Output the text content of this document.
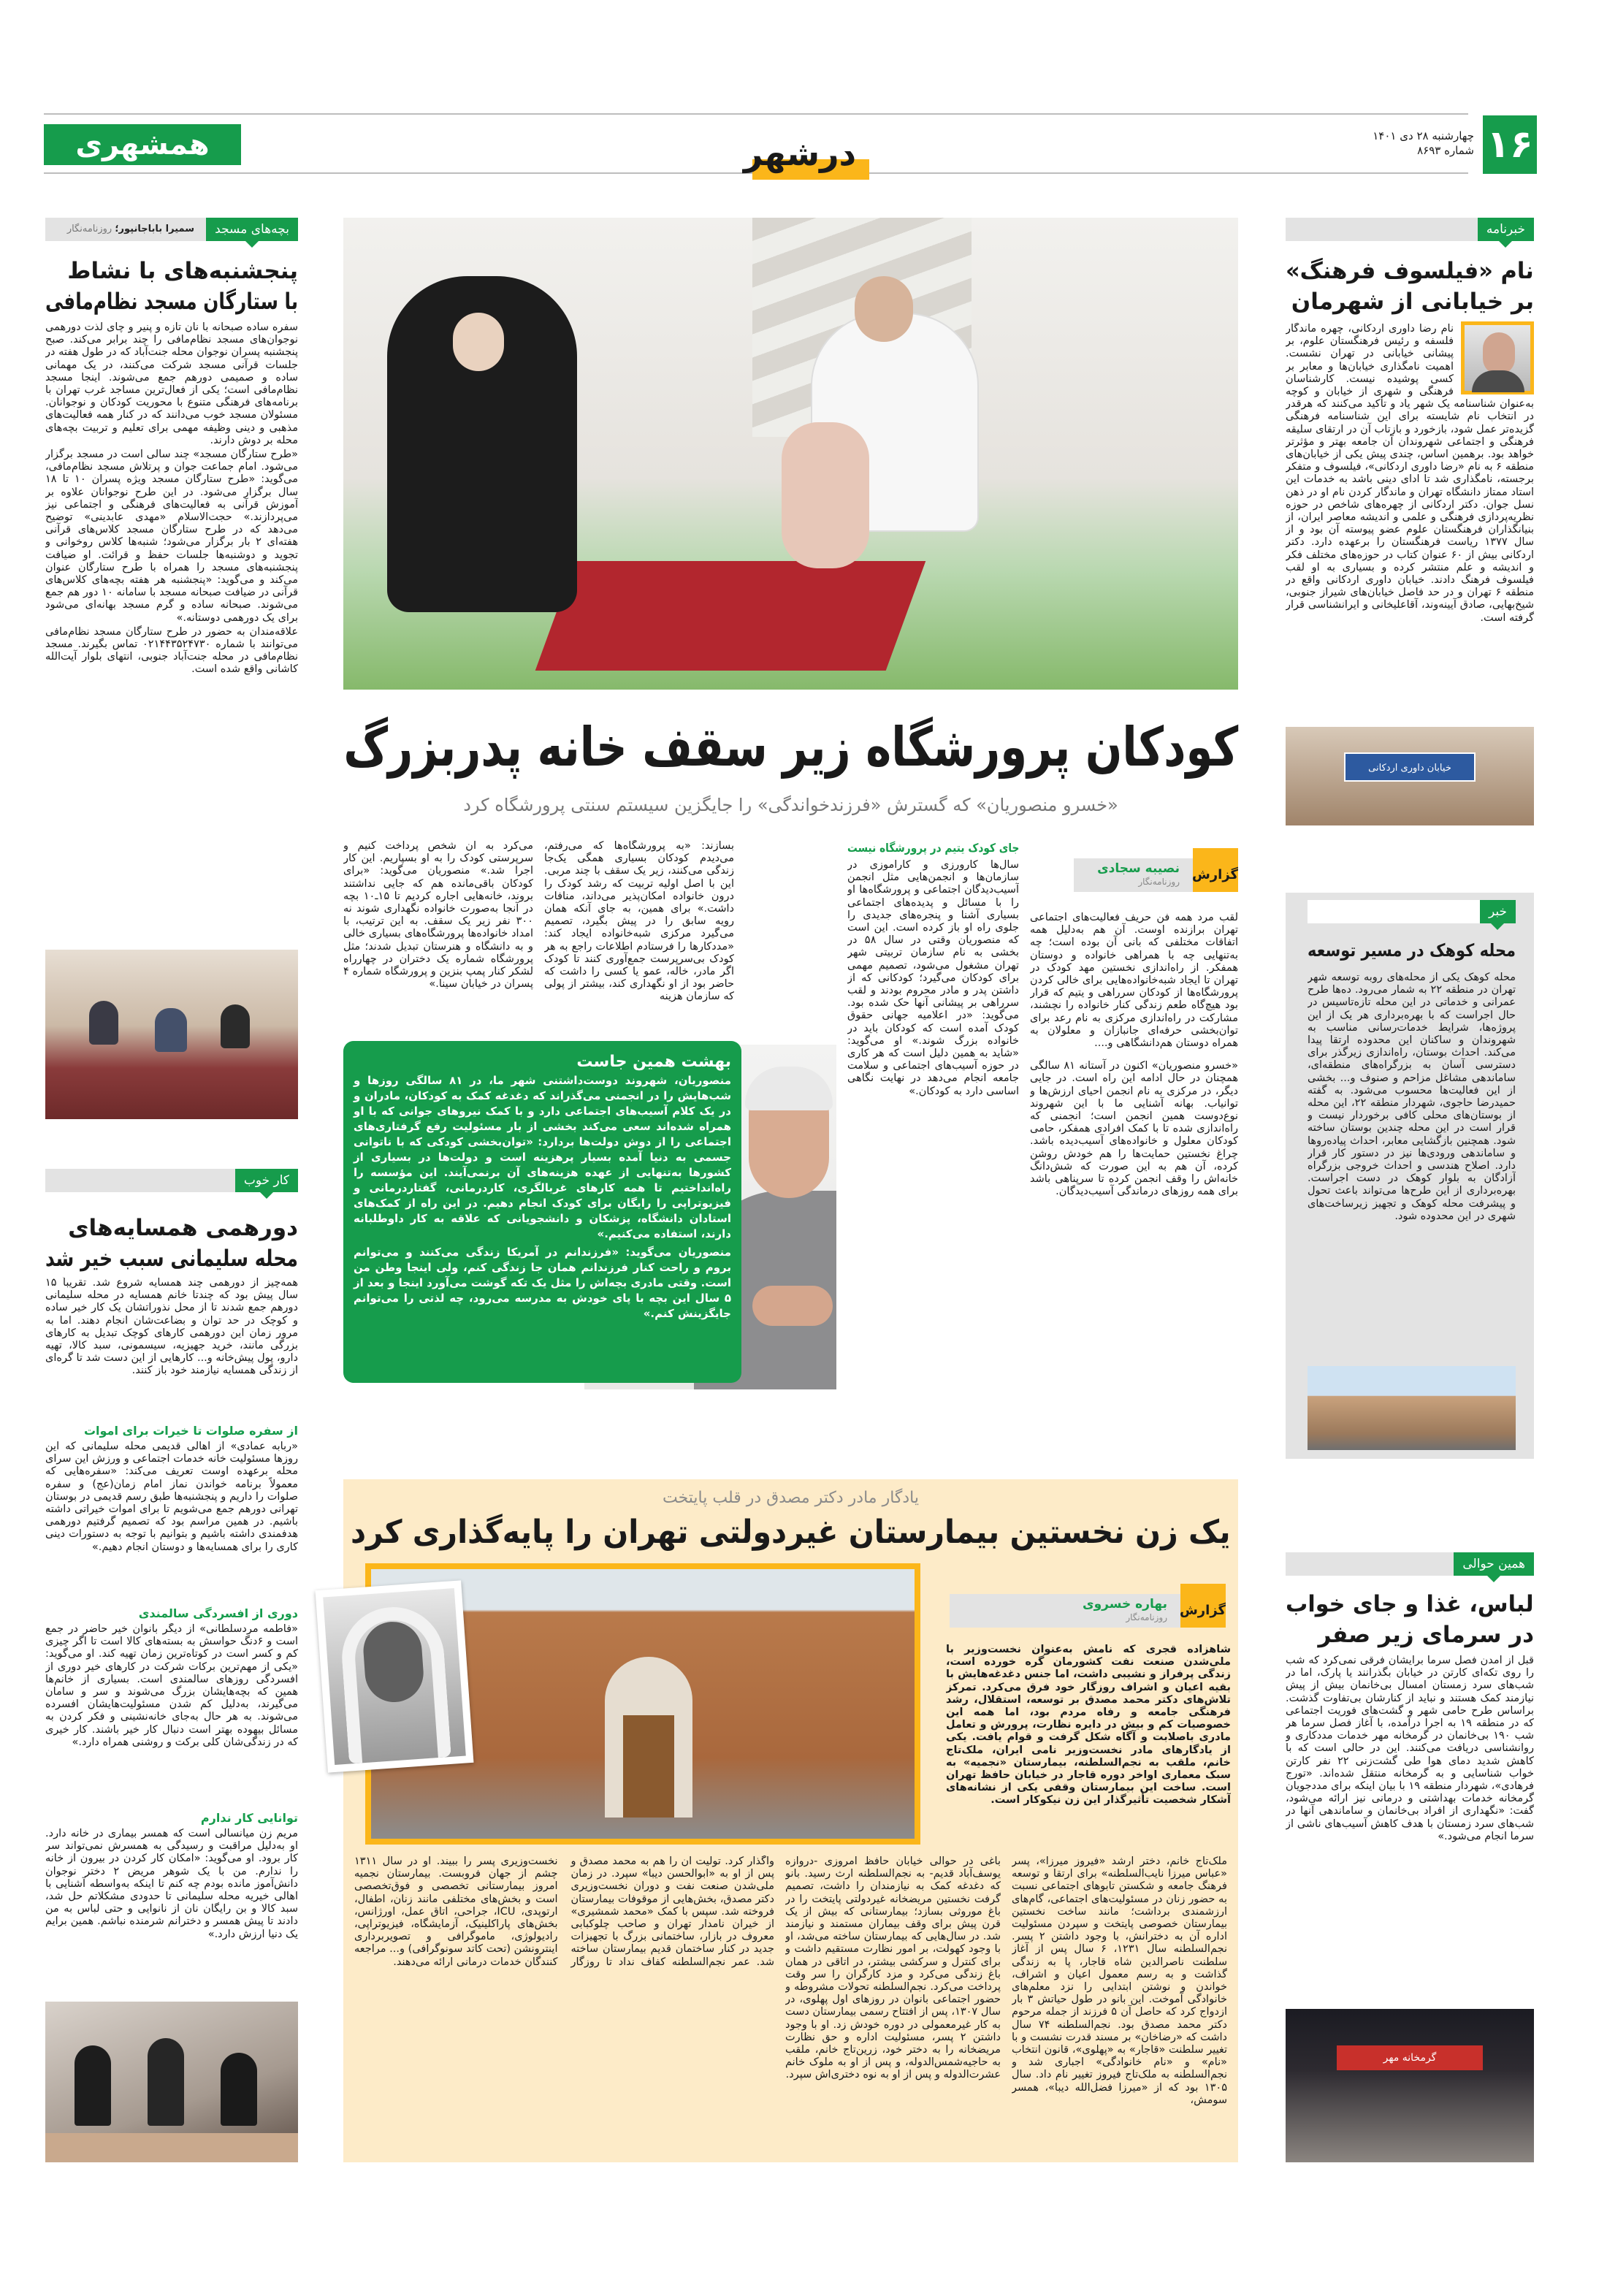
همشهری	۱۶
چهارشنبه ۲۸ دی ۱۴۰۱
شماره ۸۶۹۳
درشهر
بچه‌های مسجد
سمیرا باباجانپور؛ روزنامه‌نگار
پنجشنبه‌های با نشاط
با ستارگان مسجد نظام‌مافی

سفره ساده صبحانه با نان تازه و پنیر و چای لذت دورهمی نوجوان‌های مسجد نظام‌مافی را چند برابر می‌کند. صبح پنجشنبه پسران نوجوان محله جنت‌آباد که در طول هفته در جلسات قرآنی مسجد شرکت می‌کنند، در یک مهمانی ساده و صمیمی دورهم جمع می‌شوند. اینجا مسجد نظام‌مافی است؛ یکی از فعال‌ترین مساجد غرب تهران با برنامه‌های فرهنگی متنوع با محوریت کودکان و نوجوانان. مسئولان مسجد خوب می‌دانند که در کنار همه فعالیت‌های مذهبی و دینی وظیفه مهمی برای تعلیم و تربیت بچه‌های محله بر دوش دارند.

«طرح ستارگان مسجد» چند سالی است در مسجد برگزار می‌شود. امام جماعت جوان و پرتلاش مسجد نظام‌مافی، می‌گوید: «طرح ستارگان مسجد ویژه پسران ۱۰ تا ۱۸ سال برگزار می‌شود. در این طرح نوجوانان علاوه بر آموزش قرآنی به فعالیت‌های فرهنگی و اجتماعی نیز می‌پردازند.» حجت‌الاسلام «مهدی عابدینی» توضیح می‌دهد که در طرح ستارگان مسجد کلاس‌های قرآنی هفته‌ای ۲ بار برگزار می‌شود؛ شنبه‌ها کلاس روخوانی و تجوید و دوشنبه‌ها جلسات حفظ و قرائت. او ضیافت پنجشنبه‌های مسجد را همراه با طرح ستارگان عنوان می‌کند و می‌گوید: «پنجشنبه هر هفته بچه‌های کلاس‌های قرآنی در ضیافت صبحانه مسجد با سامانه ۱۰ دور هم جمع می‌شوند. صبحانه ساده و گرم مسجد بهانه‌ای می‌شود برای یک دورهمی دوستانه.»

علاقه‌مندان به حضور در طرح ستارگان مسجد نظام‌مافی می‌توانند با شماره ۰۲۱۴۴۳۵۲۴۷۳۰ تماس بگیرند. مسجد نظام‌مافی در محله جنت‌آباد جنوبی، انتهای بلوار آیت‌الله کاشانی واقع شده است.

کار خوب
دورهمی همسایه‌های
محله سلیمانی سبب خیر شد
همه‌چیز از دورهمی چند همسایه شروع شد. تقریباً ۱۵ سال پیش بود که چندتا خانم همسایه در محله سلیمانی دورهم جمع شدند تا از محل نذوراتشان یک کار خیر ساده و کوچک در حد توان و بضاعت‌شان انجام دهند. اما به مرور زمان این دورهمی کارهای کوچک تبدیل به کارهای بزرگی مانند، خرید جهیزیه، سیسمونی، سبد کالا، تهیه دارو، پول پیش‌خانه و... کارهایی از این دست شد تا گره‌ای از زندگی همسایه نیازمند خود باز کنند.
از سفره صلوات تا خیرات برای اموات
«ربابه عمادی» از اهالی قدیمی محله سلیمانی که این روزها مسئولیت خانه خدمات اجتماعی و ورزش این سرای محله برعهده اوست تعریف می‌کند: «سفره‌هایی که معمولاً برنامه خواندن نماز امام زمان(عج) و سفره صلوات را داریم و پنجشنبه‌ها طبق رسم قدیمی در بوستان تهرانی دورهم جمع می‌شویم تا برای اموات خیراتی داشته باشیم. در همین مراسم بود که تصمیم گرفتیم دورهمی هدفمندی داشته باشیم و بتوانیم با توجه به دستورات دینی کاری را برای همسایه‌ها و دوستان انجام دهیم.»
دوری از افسردگی سالمندی
«فاطمه مردسلطانی» از دیگر بانوان خیر حاضر در جمع است و ۶دنگ حواسش به بسته‌های کالا است تا اگر چیزی کم و کسر است در کوتاه‌ترین زمان تهیه کند. او می‌گوید: «یکی از مهم‌ترین برکات شرکت در کارهای خیر دوری از افسردگی روزهای سالمندی است. بسیاری از خانم‌ها همین که بچه‌هایشان بزرگ می‌شوند و سر و سامان می‌گیرند، به‌دلیل کم شدن مسئولیت‌هایشان افسرده می‌شوند. به هر حال به‌جای خانه‌نشینی و فکر کردن به مسائل بیهوده بهتر است دنبال کار خیر باشند. کار خیری که در زندگی‌شان کلی برکت و روشنی همراه دارد.»
توانایی کار ندارم
مریم زن میانسالی است که همسر بیماری در خانه دارد. او به‌دلیل مراقبت و رسیدگی به همسرش نمی‌تواند سر کار برود. او می‌گوید: «امکان کار کردن در بیرون از خانه را ندارم. من با یک شوهر مریض ۲ دختر نوجوان دانش‌آموز مانده بودم چه کنم تا اینکه به‌واسطه آشنایی با اهالی خیریه محله سلیمانی تا حدودی مشکلاتم حل شد، سبد کالا و بن رایگان نان از نانوایی و حتی لباس به من دادند تا پیش همسر و دخترانم شرمنده نباشم. همین برایم یک دنیا ارزش دارد.»
کودکان پرورشگاه زیر سقف خانه پدربزرگ
«خسرو منصوریان» که گسترش «فرزندخواندگی» را جایگزین سیستم سنتی پرورشگاه کرد
گزارش
نصیبه سجادی
روزنامه‌نگار

لقب مرد همه فن حریف فعالیت‌های اجتماعی تهران برازنده اوست. آن هم به‌دلیل همه اتفاقات مختلفی که بانی آن بوده است؛ چه به‌تنهایی چه با همراهی خانواده و دوستان همفکر. از راه‌اندازی نخستین مهد کودک در تهران تا ایجاد شبه‌خانواده‌هایی برای خالی کردن پرورشگاه‌ها از کودکان سرراهی و یتیم که قرار بود هیچ‌گاه طعم زندگی کنار خانواده را نچشند، مشارکت در راه‌اندازی مرکزی به نام رعد برای توان‌بخشی حرفه‌ای جانبازان و معلولان به همراه دوستان هم‌دانشگاهی و....

«خسرو منصوریان» اکنون در آستانه ۸۱ سالگی همچنان در حال ادامه این راه است. در جایی دیگر، در مرکزی به نام انجمن احیای ارزش‌ها و توانیاب. بهانه آشنایی ما با این شهروند نوع‌دوست همین انجمن است؛ انجمنی که راه‌اندازی شده تا با کمک افرادی همفکر، حامی کودکان معلول و خانواده‌های آسیب‌دیده باشد. چراغ نخستین حمایت‌ها را هم خودش روشن کرده، آن هم به این صورت که شش‌دانگ خانه‌اش را وقف انجمن کرده تا سرپناهی باشد برای همه روزهای درماندگی آسیب‌دیدگان.

جای کودک یتیم در پرورشگاه نیست
سال‌ها کارورزی و کارآموزی در سازمان‌ها و انجمن‌هایی مثل انجمن آسیب‌دیدگان اجتماعی و پرورشگاه‌ها او را با مسائل و پدیده‌های اجتماعی بسیاری آشنا و پنجره‌های جدیدی را جلوی راه او باز کرده است. این است که منصوریان وقتی در سال ۵۸ در بخشی به نام سازمان تربیتی شهر تهران مشغول می‌شود، تصمیم مهمی برای کودکان می‌گیرد؛ کودکانی که از داشتن پدر و مادر محروم بودند و لقب سرراهی بر پیشانی آنها حک شده بود. می‌گوید: «در اعلامیه جهانی حقوق کودک آمده است که کودکان باید در خانواده بزرگ شوند.» او می‌گوید: «شاید به همین دلیل است که هر کاری در حوزه آسیب‌های اجتماعی و سلامت جامعه انجام می‌دهد در نهایت نگاهی اساسی دارد به کودکان.»
بسازند: «به پرورشگاه‌ها که می‌رفتم، می‌دیدم کودکان بسیاری همگی یک‌جا زندگی می‌کنند، زیر یک سقف با چند مربی. این با اصل اولیه تربیت که رشد کودک را درون خانواده امکان‌پذیر می‌داند، منافات داشت.» برای همین، به جای آنکه همان رویه سابق را در پیش بگیرد، تصمیم می‌گیرد مرکزی شبه‌خانواده ایجاد کند: «مددکارها را فرستادم اطلاعات راجع به هر کودک بی‌سرپرست جمع‌آوری کنند تا کودک اگر مادر، خاله، عمو یا کسی را داشت که حاضر بود از او نگهداری کند، بیشتر از پولی که سازمان هزینه
می‌کرد به آن شخص پرداخت کنیم و سرپرستی کودک را به او بسپاریم. این کار اجرا شد.» منصوریان می‌گوید: «برای کودکان باقی‌مانده هم که جایی نداشتند بروند، خانه‌هایی اجاره کردیم تا ۱۵ـ۱۰ بچه در آنجا به‌صورت خانواده نگهداری شوند نه ۳۰۰ نفر زیر یک سقف. به این ترتیب، با امداد خانواده‌ها پرورشگاه‌های بسیاری خالی و به دانشگاه و هنرستان تبدیل شدند؛ مثل پرورشگاه شماره یک دختران در چهارراه لشکر کنار پمپ بنزین و پرورشگاه شماره ۴ پسران در خیابان سینا.»
بهشت همین جاست

منصوریان، شهروند دوست‌داشتنی شهر ما، در ۸۱ سالگی روزها و شب‌هایش را در انجمنی می‌گذراند که دغدغه کمک به کودکان، مادران و در یک کلام آسیب‌های اجتماعی دارد و با کمک نیروهای جوانی که با او همراه شده‌اند سعی می‌کند بخشی از بار مسئولیت رفع گرفتاری‌های اجتماعی را از دوش دولت‌ها بردارد: «توان‌بخشی کودکی که با ناتوانی جسمی به دنیا آمده بسیار پرهزینه است و دولت‌ها در بسیاری از کشورها به‌تنهایی از عهده هزینه‌های آن برنمی‌آیند. این مؤسسه را راه‌انداختیم تا همه کارهای غربالگری، کاردرمانی، گفتاردرمانی و فیزیوتراپی را رایگان برای کودک انجام دهیم. در این راه از کمک‌های استادان دانشگاه، پزشکان و دانشجویانی که علاقه به کار داوطلبانه دارند، استفاده می‌کنیم.»

منصوریان می‌گوید: «فرزندانم در آمریکا زندگی می‌کنند و می‌توانم بروم و راحت کنار فرزندانم همان جا زندگی کنم، ولی اینجا وطن من است. وقتی مادری بچه‌اش را مثل یک تکه گوشت می‌آورد اینجا و بعد از ۵ سال این بچه با پای خودش به مدرسه می‌رود، چه لذتی را می‌توانم جایگزینش کنم.»

یادگار مادر دکتر مصدق در قلب پایتخت
یک زن نخستین بیمارستان غیردولتی تهران را پایه‌گذاری کرد
گزارش
بهاره خسروی
روزنامه‌نگار
شاهزاده قجری که نامش به‌عنوان نخست‌وزیر با ملی‌شدن صنعت نفت کشورمان گره خورده است، زندگی پرفراز و نشیبی داشت، اما جنس دغدغه‌هایش با بقیه اعیان و اشراف روزگار خود فرق می‌کرد. تمرکز تلاش‌های دکتر محمد مصدق بر توسعه، استقلال، رشد فرهنگی جامعه و رفاه مردم بود، اما همه این خصوصیات کم و بیش در دایره نظارت، پرورش و تعامل مادری باصلابت و آگاه شکل گرفت و قوام یافت. یکی از یادگارهای مادر نخست‌وزیر نامی ایران، ملک‌تاج خانم، ملقب به نجم‌السلطنه، بیمارستان «نجمیه» به سبک معماری اواخر دوره قاجار در خیابان حافظ تهران است. ساخت این بیمارستان وقفی یکی از نشانه‌های آشکار شخصیت تأثیرگذار این زن نیکوکار است.
ملک‌تاج خانم، دختر ارشد «فیروز میرزا»، پسر «عباس میرزا نایب‌السلطنه» برای ارتقا و توسعه فرهنگ جامعه و شکستن تابوهای اجتماعی نسبت به حضور زنان در مسئولیت‌های اجتماعی، گام‌های ارزشمندی برداشت؛ مانند ساخت نخستین بیمارستان خصوصی پایتخت و سپردن مسئولیت اداره آن به دخترانش، با وجود داشتن ۲ پسر. نجم‌السلطنه سال ۱۲۳۱، ۶ سال پس از آغاز سلطنت ناصرالدین شاه قاجار، پا به زندگی گذاشت و به رسم معمول اعیان و اشراف، خواندن و نوشتن ابتدایی را نزد معلم‌های خانوادگی آموخت. این بانو در طول حیاتش ۳ بار ازدواج کرد که حاصل آن ۵ فرزند از جمله مرحوم دکتر محمد مصدق بود. نجم‌السلطنه ۷۴ سال داشت که «رضاخان» بر مسند قدرت نشست و با تغییر سلطنت «قاجار» به «پهلوی»، قانون انتخاب «نام» و «نام خانوادگی» اجباری شد و نجم‌السلطنه به ملک‌تاج فیروز تغییر نام داد. سال ۱۳۰۵ بود که از «میرزا فضل‌الله دیبا»، همسر سومش،
باغی در حوالی خیابان حافظ امروزی -دروازه یوسف‌آباد قدیم- به نجم‌السلطنه ارث رسید. بانو که دغدغه کمک به نیازمندان را داشت، تصمیم گرفت نخستین مریضخانه غیردولتی پایتخت را در باغ موروثی بسازد؛ بیمارستانی که بیش از یک قرن پیش برای وقف بیماران مستمند و نیازمند شد. در سال‌هایی که بیمارستان ساخته می‌شد، او با وجود کهولت، بر امور نظارت مستقیم داشت و برای کنترل و سرکشی بیشتر، در اتاقی در همان باغ زندگی می‌کرد و مزد کارگران را سر وقت پرداخت می‌کرد. نجم‌السلطنه تحولات مشروطه و حضور اجتماعی بانوان در روزهای اول پهلوی، در سال ۱۳۰۷، پس از افتتاح رسمی بیمارستان دست به کار غیرمعمولی در دوره خودش زد. او با وجود داشتن ۲ پسر، مسئولیت اداره و حق نظارت مریضخانه را به دختر خود، زرین‌تاج خانم، ملقب به حاجیه‌شمس‌الدوله، و پس از او به ملوک خانم عشرت‌الدوله و پس از او به نوه دختری‌اش سپرد.
واگذار کرد. تولیت آن را هم به محمد مصدق و پس از او به «ابوالحسن دیبا» سپرد. در زمان ملی‌شدن صنعت نفت و دوران نخست‌وزیری دکتر مصدق، بخش‌هایی از موقوفات بیمارستان فروخته شد. سپس با کمک «محمد شمشیری» از خیران نامدار تهران و صاحب چلوکبابی معروف در بازار، ساختمانی بزرگ با تجهیزات جدید در کنار ساختمان قدیم بیمارستان ساخته شد. عمر نجم‌السلطنه کفاف نداد تا روزگار نخست‌وزیری پسر را ببیند. او در سال ۱۳۱۱ چشم از جهان فروبست. بیمارستان نجمیه امروز بیمارستانی تخصصی و فوق‌تخصصی است و بخش‌های مختلفی مانند زنان، اطفال، ارتوپدی، ICU، جراحی، اتاق عمل، اورژانس، بخش‌های پاراکلینیک، آزمایشگاه، فیزیوتراپی، رادیولوژی، ماموگرافی و تصویربرداری اینترونشن (تحت کاتد سونوگرافی) و... مراجعه کنندگان خدمات درمانی ارائه می‌دهند.
خبرنامه
نام «فیلسوف فرهنگ»
بر خیابانی از شهرمان
نام رضا داوری اردکانی، چهره ماندگار فلسفه و رئیس فرهنگستان علوم، بر پیشانی خیابانی در تهران نشست. اهمیت نامگذاری خیابان‌ها و معابر بر کسی پوشیده نیست. کارشناسان فرهنگی و شهری از خیابان و کوچه به‌عنوان شناسنامه یک شهر یاد و تأکید می‌کنند که هرقدر در انتخاب نام شایسته برای این شناسنامه فرهنگی گزیده‌تر عمل شود، بازخورد و بازتاب آن در ارتقای سلیقه فرهنگی و اجتماعی شهروندان آن جامعه بهتر و مؤثرتر خواهد بود. برهمین اساس، چندی پیش یکی از خیابان‌های منطقه ۶ به نام «رضا داوری اردکانی»، فیلسوف و متفکر برجسته، نامگذاری شد تا ادای دینی باشد به خدمات این استاد ممتاز دانشگاه تهران و ماندگار کردن نام او در ذهن نسل جوان. دکتر اردکانی از چهره‌های شاخص در حوزه نظریه‌پردازی فرهنگی و علمی و اندیشه معاصر ایران، از بنیانگذاران فرهنگستان علوم عضو پیوسته آن بود و از سال ۱۳۷۷ ریاست فرهنگستان را برعهده دارد. دکتر اردکانی بیش از ۶۰ عنوان کتاب در حوزه‌های مختلف فکر و اندیشه و علم منتشر کرده و بسیاری به او لقب فیلسوف فرهنگ دادند. خیابان داوری اردکانی واقع در منطقه ۶ تهران و در حد فاصل خیابان‌های شیراز جنوبی، شیخ‌بهایی، صادق آیینه‌وند، آقاعلیخانی و ایرانشناسی قرار گرفته است.
خیابان داوری اردکانی
خبر
محله کوهک در مسیر توسعه
محله کوهک یکی از محله‌های روبه توسعه شهر تهران در منطقه ۲۲ به شمار می‌رود. ده‌ها طرح عمرانی و خدماتی در این محله تازه‌تاسیس در حال اجراست که با بهره‌برداری هر یک از این پروژه‌ها، شرایط خدمات‌رسانی مناسب به شهروندان و ساکنان این محدوده ارتقا پیدا می‌کند. احداث بوستان، راه‌اندازی زیرگذر برای دسترسی آسان به بزرگراه‌های منطقه‌ای، ساماندهی مشاغل مزاحم و صنوف و... بخشی از این فعالیت‌ها محسوب می‌شود. به گفته حمیدرضا حاجوی، شهردار منطقه ۲۲، این محله از بوستان‌های محلی کافی برخوردار نیست و قرار است در این محله چندین بوستان ساخته شود. همچنین بازگشایی معابر، احداث پیاده‌روها و ساماندهی ورودی‌ها نیز در دستور کار قرار دارد. اصلاح هندسی و احداث خروجی بزرگراه آزادگان به بلوار کوهک در دست اجراست. بهره‌برداری از این طرح‌ها می‌تواند باعث تحول و پیشرفت محله کوهک و تجهیز زیرساخت‌های شهری در این محدوده شود.
همین حوالی
لباس، غذا و جای خواب
در سرمای زیر صفر
قبل از آمدن فصل سرما برایشان فرقی نمی‌کرد که شب را روی تکه‌ای کارتن در خیابان بگذرانند یا پارک، اما در شب‌های سرد زمستان امسال بی‌خانمان بیش از پیش نیازمند کمک هستند و نباید از کنارشان بی‌تفاوت گذشت. براساس طرح حامی شهر و گشت‌های فوریت اجتماعی که در منطقه ۱۹ به اجرا درآمده، با آغاز فصل سرما هر شب ۱۹۰ بی‌خانمان در گرمخانه مهر خدمات مددکاری و روانشناسی دریافت می‌کنند. این در حالی است که با کاهش شدید دمای هوا طی گشت‌زنی ۲۲ نفر کارتن خواب شناسایی و به گرمخانه منتقل شده‌اند. «تورج فرهادی»، شهردار منطقه ۱۹ با بیان اینکه برای مددجویان گرمخانه خدمات بهداشتی و درمانی نیز ارائه می‌شود، گفت: «نگهداری از افراد بی‌خانمان و ساماندهی آنها در شب‌های سرد زمستان با هدف کاهش آسیب‌های ناشی از سرما انجام می‌شود.»
گرمخانه مهر
